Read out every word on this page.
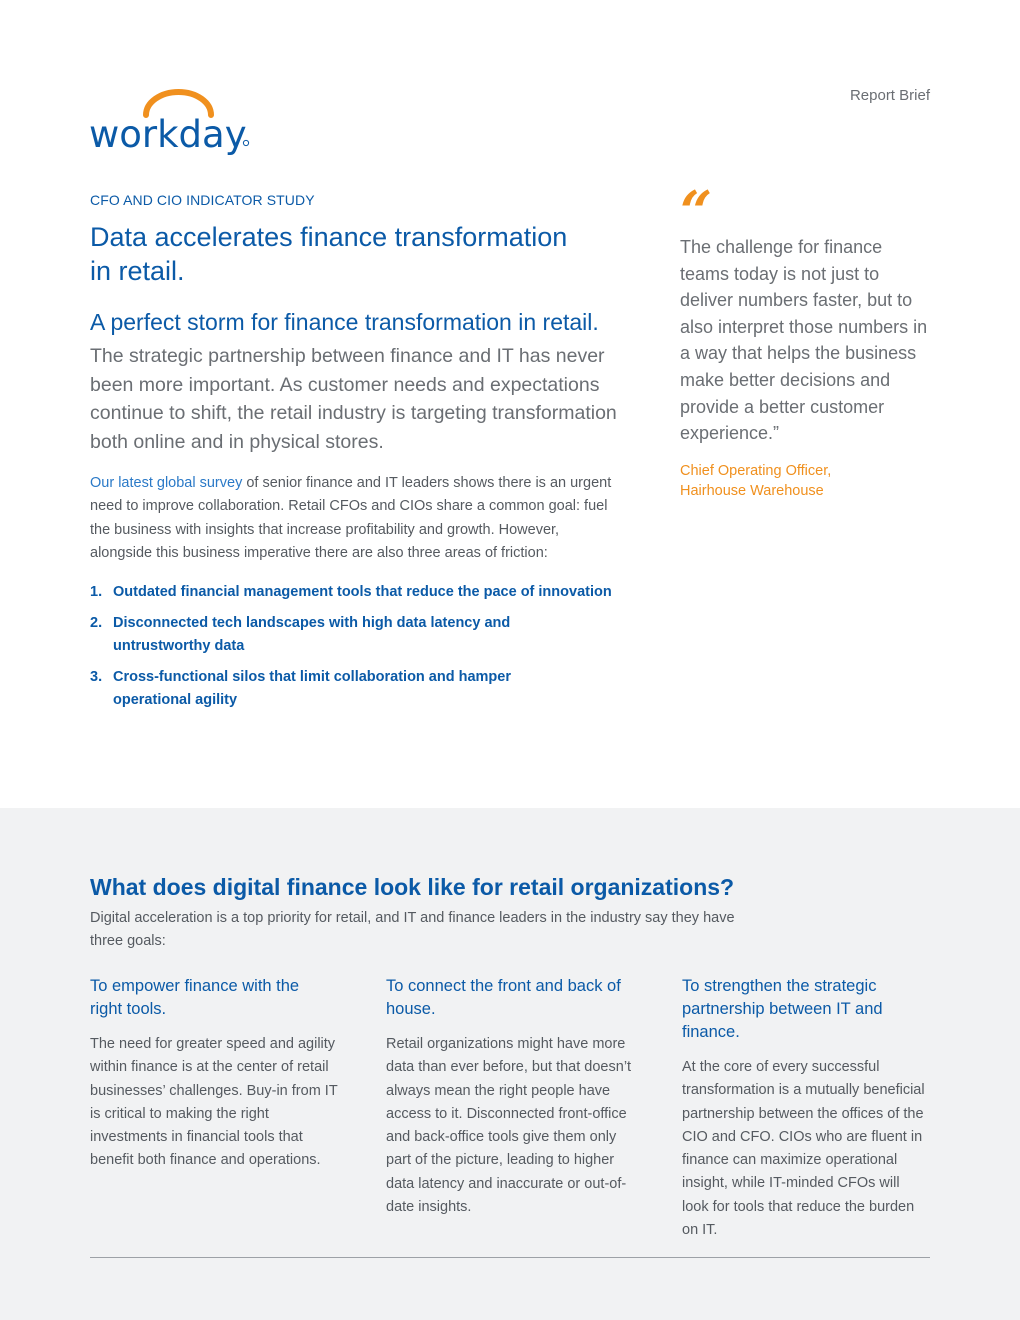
workday
Report Brief
CFO AND CIO INDICATOR STUDY
Data accelerates finance transformation in retail.
A perfect storm for finance transformation in retail.

The strategic partnership between finance and IT has never been more important. As customer needs and expectations continue to shift, the retail industry is targeting transformation both online and in physical stores.

Our latest global survey of senior finance and IT leaders shows there is an urgent need to improve collaboration. Retail CFOs and CIOs share a common goal: fuel the business with insights that increase profitability and growth. However, alongside this business imperative there are also three areas of friction:

1. Outdated financial management tools that reduce the pace of innovation
2. Disconnected tech landscapes with high data latency and untrustworthy data
3. Cross-functional silos that limit collaboration and hamper operational agility
“

The challenge for finance teams today is not just to deliver numbers faster, but to also interpret those numbers in a way that helps the business make better decisions and provide a better customer experience.”

Chief Operating Officer,
Hairhouse Warehouse
What does digital finance look like for retail organizations?

Digital acceleration is a top priority for retail, and IT and finance leaders in the industry say they have three goals:

To empower finance with the right tools.

The need for greater speed and agility within finance is at the center of retail businesses’ challenges. Buy-in from IT is critical to making the right investments in financial tools that benefit both finance and operations.

To connect the front and back of house.

Retail organizations might have more data than ever before, but that doesn’t always mean the right people have access to it. Disconnected front-office and back-office tools give them only part of the picture, leading to higher data latency and inaccurate or out-of-date insights.

To strengthen the strategic partnership between IT and finance.

At the core of every successful transformation is a mutually beneficial partnership between the offices of the CIO and CFO. CIOs who are fluent in finance can maximize operational insight, while IT-minded CFOs will look for tools that reduce the burden on IT.
